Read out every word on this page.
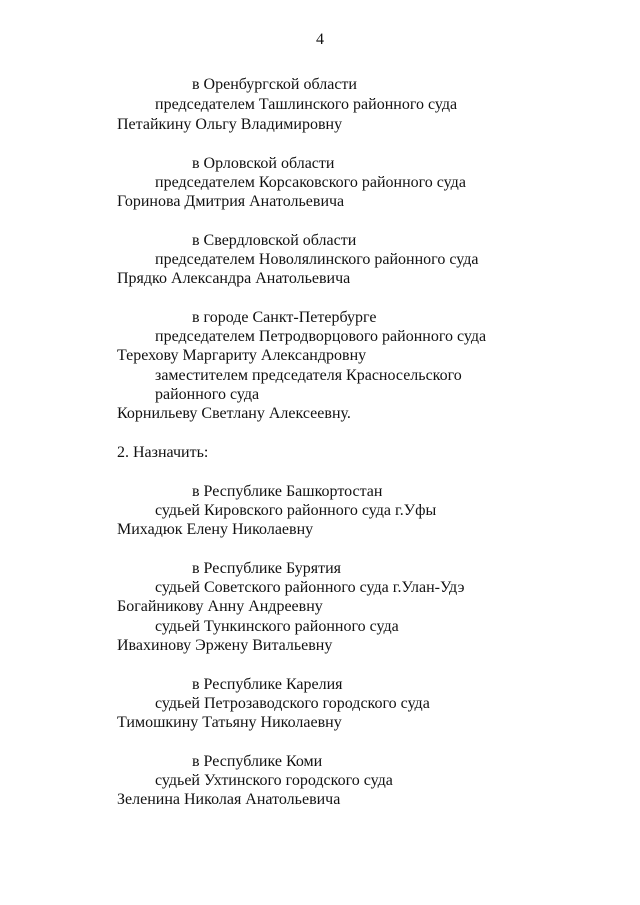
4
в Оренбургской области
председателем Ташлинского районного суда
Петайкину Ольгу Владимировну
в Орловской области
председателем Корсаковского районного суда
Горинова Дмитрия Анатольевича
в Свердловской области
председателем Новолялинского районного суда
Прядко Александра Анатольевича
в городе Санкт-Петербурге
председателем Петродворцового районного суда
Терехову Маргариту Александровну
заместителем председателя Красносельского
районного суда
Корнильеву Светлану Алексеевну.
2. Назначить:
в Республике Башкортостан
судьей Кировского районного суда г.Уфы
Михадюк Елену Николаевну
в Республике Бурятия
судьей Советского районного суда г.Улан-Удэ
Богайникову Анну Андреевну
судьей Тункинского районного суда
Ивахинову Эржену Витальевну
в Республике Карелия
судьей Петрозаводского городского суда
Тимошкину Татьяну Николаевну
в Республике Коми
судьей Ухтинского городского суда
Зеленина Николая Анатольевича
